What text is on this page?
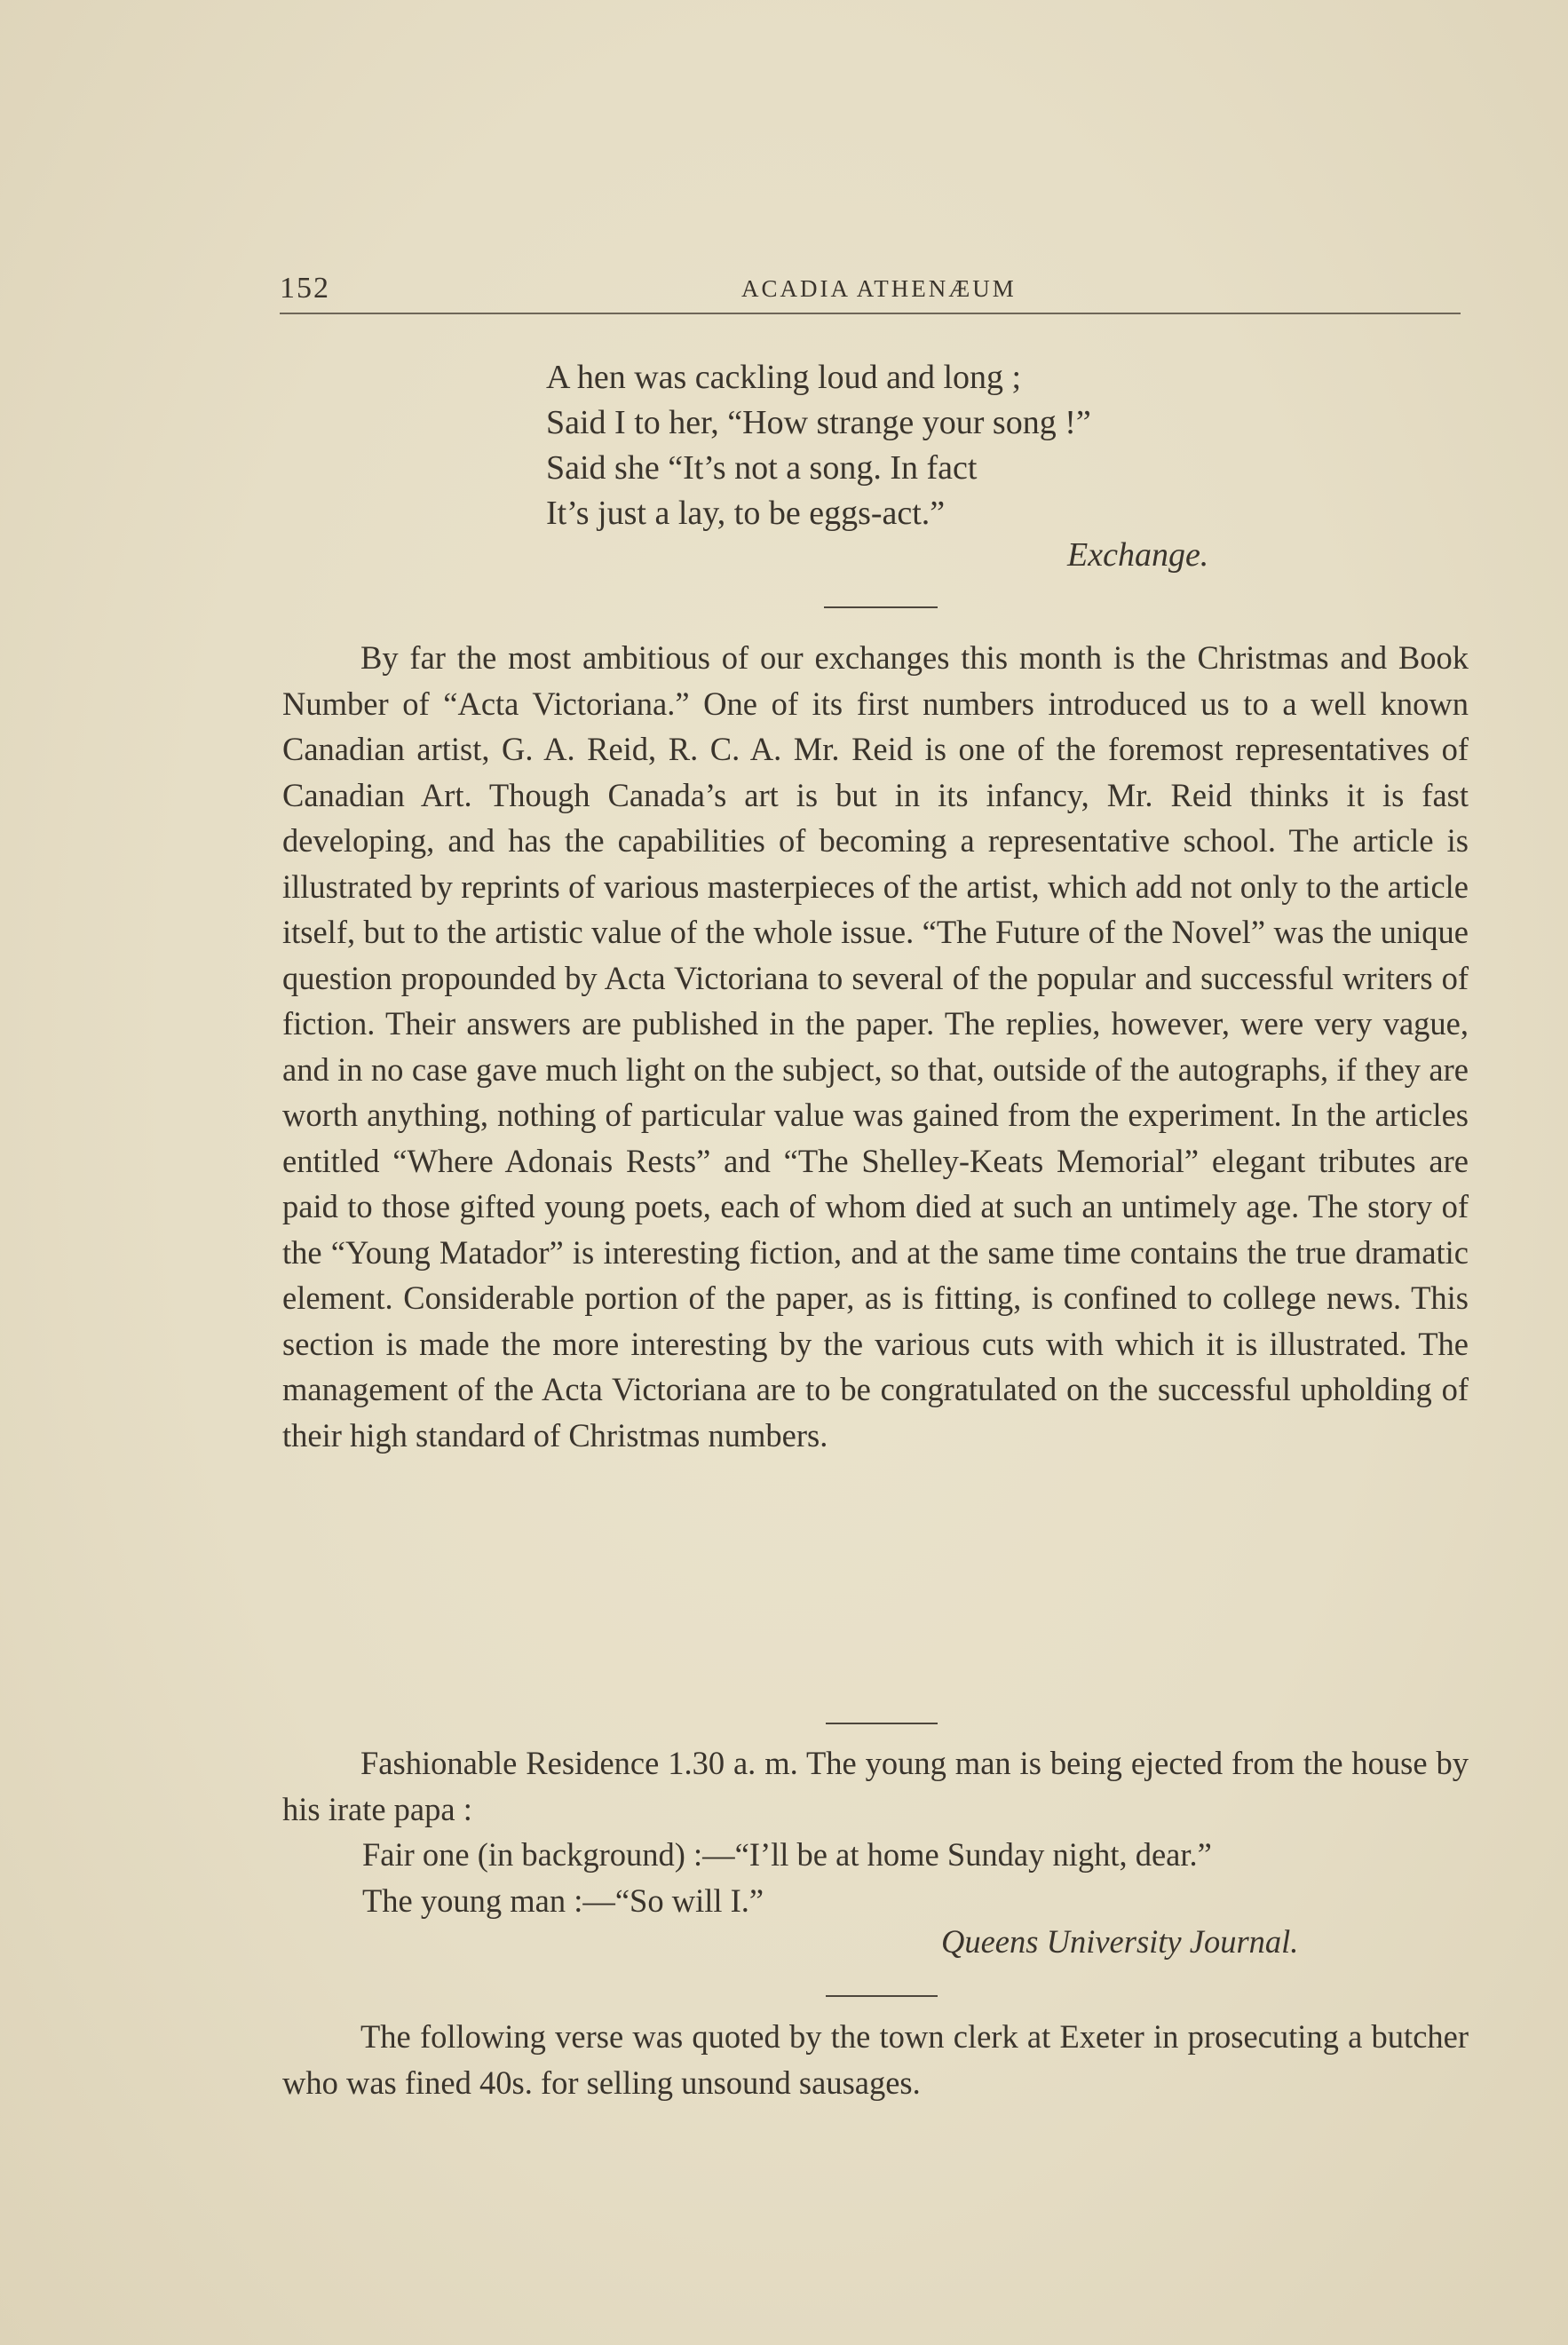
152	ACADIA ATHENÆUM
A hen was cackling loud and long ;
Said I to her, “How strange your song !”
Said she “It’s not a song. In fact
It’s just a lay, to be eggs-act.”
Exchange.

By far the most ambitious of our exchanges this month is the Christmas and Book Number of “Acta Victoriana.” One of its first numbers introduced us to a well known Canadian artist, G. A. Reid, R. C. A. Mr. Reid is one of the foremost representatives of Canadian Art. Though Canada’s art is but in its infancy, Mr. Reid thinks it is fast developing, and has the capabilities of becoming a representative school. The article is illustrated by reprints of various masterpieces of the artist, which add not only to the article itself, but to the artistic value of the whole issue. “The Future of the Novel” was the unique question propounded by Acta Victoriana to several of the popular and successful writers of fiction. Their answers are published in the paper. The replies, however, were very vague, and in no case gave much light on the subject, so that, outside of the autographs, if they are worth anything, nothing of particular value was gained from the experiment. In the articles entitled “Where Adonais Rests” and “The Shelley-Keats Memorial” elegant tributes are paid to those gifted young poets, each of whom died at such an untimely age. The story of the “Young Matador” is interesting fiction, and at the same time contains the true dramatic element. Considerable portion of the paper, as is fitting, is confined to college news. This section is made the more interesting by the various cuts with which it is illustrated. The management of the Acta Victoriana are to be congratulated on the successful upholding of their high standard of Christmas numbers.

Fashionable Residence 1.30 a. m. The young man is being ejected from the house by his irate papa :

Fair one (in background) :—“I’ll be at home Sunday night, dear.”
The young man :—“So will I.”
Queens University Journal.

The following verse was quoted by the town clerk at Exeter in prosecuting a butcher who was fined 40s. for selling unsound sausages.
